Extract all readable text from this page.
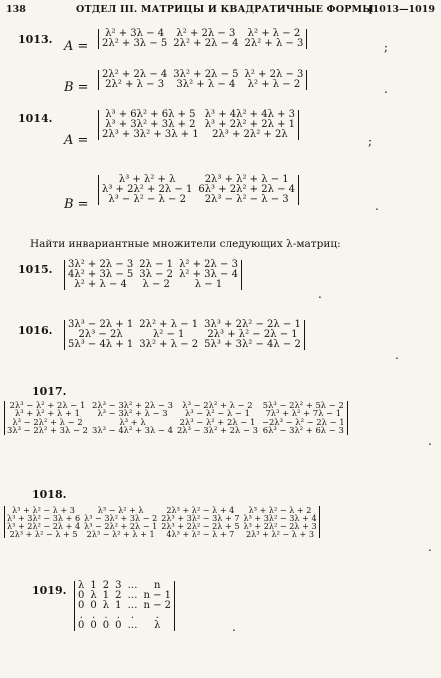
138	ОТДЕЛ III. МАТРИЦЫ И КВАДРАТИЧНЫЕ ФОРМЫ
[1013—1019
1013. A =
λ² + 3λ − 4	λ² + 2λ − 3	λ² + λ − 2
2λ² + 3λ − 5	2λ² + 2λ − 4	2λ² + λ − 3	;
B =
2λ² + 2λ − 4	3λ² + 2λ − 5	λ² + 2λ − 3
2λ² + λ − 3	3λ² + λ − 4	λ² + λ − 2	.
1014.
A =
λ³ + 6λ² + 6λ + 5	λ³ + 4λ² + 4λ + 3
λ³ + 3λ² + 3λ + 2	λ³ + 2λ² + 2λ + 1
2λ³ + 3λ² + 3λ + 1	2λ³ + 2λ² + 2λ	;
B =
λ³ + λ² + λ	2λ³ + λ² + λ − 1
λ³ + 2λ² + 2λ − 1	6λ³ + 2λ² + 2λ − 4
λ³ − λ² − λ − 2	2λ³ − λ² − λ − 3	.
Найти инвариантные множители следующих λ-матриц:
1015. 3λ² + 2λ − 3	2λ − 1	λ² + 2λ − 3
4λ² + 3λ − 5	3λ − 2	λ² + 3λ − 4
λ² + λ − 4	λ − 2	λ − 1
.
1016. 3λ³ − 2λ + 1	2λ² + λ − 1	3λ³ + 2λ² − 2λ − 1
2λ³ − 2λ	λ² − 1	2λ³ + λ² − 2λ − 1
5λ³ − 4λ + 1	3λ² + λ − 2	5λ³ + 3λ² − 4λ − 2
.
1017.
2λ³ − λ² + 2λ − 1	2λ³ − 3λ² + 2λ − 3	λ³ − 2λ² + λ − 2	5λ³ − 2λ² + 5λ − 2
λ³ + λ² + λ + 1	λ³ − 3λ² + λ − 3	λ³ − λ² − λ − 1	7λ³ + λ² + 7λ − 1
λ³ − 2λ² + λ − 2	λ³ + λ	2λ³ − λ² + 2λ − 1	−2λ³ − λ² − 2λ − 1
3λ³ − 2λ² + 3λ − 2	3λ³ − 4λ² + 3λ − 4	2λ³ − 3λ² + 2λ − 3	6λ³ − 3λ² + 6λ − 3
.
1018.
λ³ + λ² − λ + 3	λ³ − λ² + λ	2λ³ + λ² − λ + 4	λ³ + λ² − λ + 2
λ³ + 3λ² − 3λ + 6	λ³ − 3λ² + 3λ − 2	2λ³ + 3λ² − 3λ + 7	λ³ + 3λ² − 3λ + 4
λ³ + 2λ² − 2λ + 4	λ³ − 2λ² + 2λ − 1	2λ³ + 2λ² − 2λ + 5	λ³ + 2λ² − 2λ + 3
2λ³ + λ² − λ + 5	2λ³ − λ² + λ + 1	4λ³ + λ² − λ + 7	2λ³ + λ² − λ + 3
.
1019. λ	1	2	3	…	n
0	λ	1	2	…	n − 1
0	0	λ	1	…	n − 2
.	.	.	.	.	.
0	0	0	0	…	λ	.
